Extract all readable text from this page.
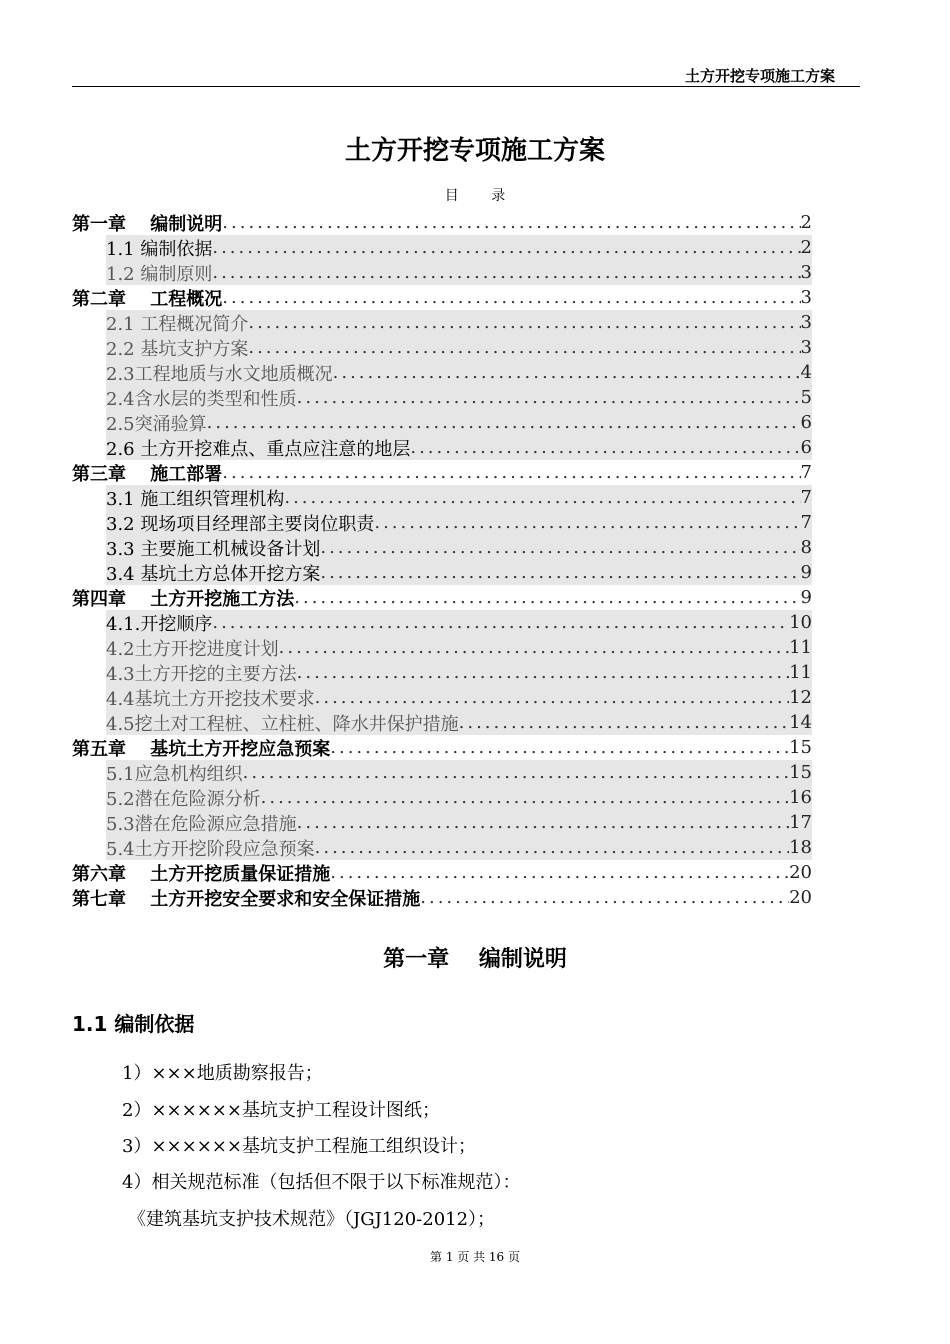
土方开挖专项施工方案
土方开挖专项施工方案
目 录
第一章　 编制说明 .....	2
1.1 编制依据 .....	2
1.2 编制原则 .....	3
第二章　 工程概况 .....	3
2.1 工程概况简介 .....	3
2.2 基坑支护方案 .....	3
2.3工程地质与水文地质概况 .....	4
2.4含水层的类型和性质 .....	5
2.5突涌验算 .....	6
2.6 土方开挖难点、重点应注意的地层 .....	6
第三章　 施工部署 .....	7
3.1 施工组织管理机构 .....	7
3.2 现场项目经理部主要岗位职责 .....	7
3.3 主要施工机械设备计划 .....	8
3.4 基坑土方总体开挖方案 .....	9
第四章　 土方开挖施工方法 .....	9
4.1.开挖顺序 .....	10
4.2土方开挖进度计划 .....	11
4.3土方开挖的主要方法 .....	11
4.4基坑土方开挖技术要求 .....	12
4.5挖土对工程桩、立柱桩、降水井保护措施 .....	14
第五章　 基坑土方开挖应急预案 .....	15
5.1应急机构组织 .....	15
5.2潜在危险源分析 .....	16
5.3潜在危险源应急措施 .....	17
5.4土方开挖阶段应急预案 .....	18
第六章　 土方开挖质量保证措施 .....	20
第七章　 土方开挖安全要求和安全保证措施 .....	20
第一章　 编制说明
1.1 编制依据
1）×××地质勘察报告；
2）××××××基坑支护工程设计图纸；
3）××××××基坑支护工程施工组织设计；
4）相关规范标准（包括但不限于以下标准规范）：
《建筑基坑支护技术规范》（JGJ120-2012）；
第 1 页 共 16 页
